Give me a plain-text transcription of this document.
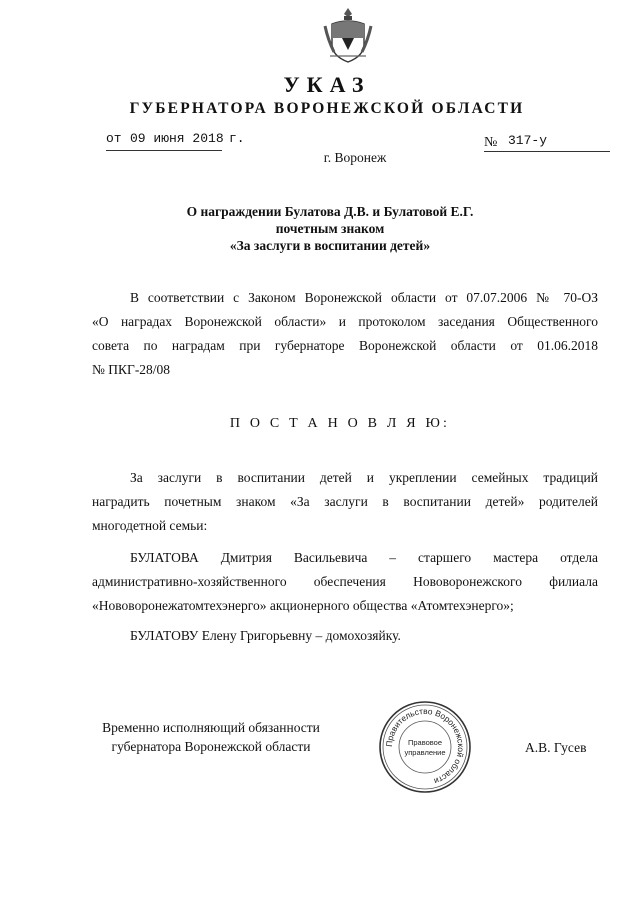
УКАЗ
ГУБЕРНАТОРА ВОРОНЕЖСКОЙ ОБЛАСТИ
от 09 июня 2018 г.	№ 317-у
г. Воронеж
О награждении Булатова Д.В. и Булатовой Е.Г.
почетным знаком
«За заслуги в воспитании детей»
В соответствии с Законом Воронежской области от 07.07.2006 № 70-ОЗ
«О наградах Воронежской области» и протоколом заседания Общественного
совета по наградам при губернаторе Воронежской области от 01.06.2018
№ ПКГ-28/08
П О С Т А Н О В Л Я Ю:
За заслуги в воспитании детей и укреплении семейных традиций
наградить почетным знаком «За заслуги в воспитании детей» родителей
многодетной семьи:
БУЛАТОВА Дмитрия Васильевича – старшего мастера отдела
административно-хозяйственного обеспечения Нововоронежского филиала
«Нововоронежатомтехэнерго» акционерного общества «Атомтехэнерго»;
БУЛАТОВУ Елену Григорьевну – домохозяйку.
Временно исполняющий обязанности
губернатора Воронежской области	Правительство Воронежской области
Правовое
управление	А.В. Гусев
